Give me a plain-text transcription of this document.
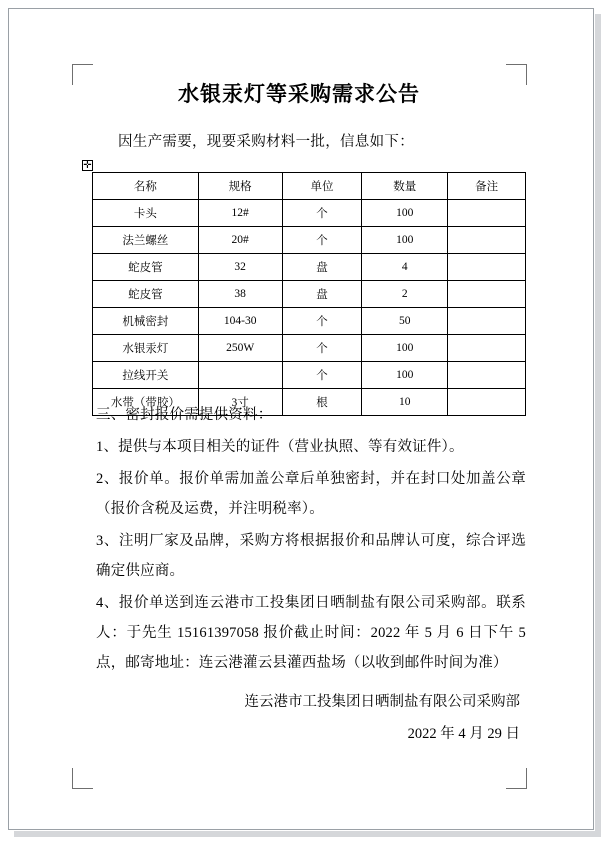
水银汞灯等采购需求公告
因生产需要，现要采购材料一批，信息如下：
✛
名称	规格	单位	数量	备注
卡头	12#	个	100	
法兰螺丝	20#	个	100	
蛇皮管	32	盘	4	
蛇皮管	38	盘	2	
机械密封	104-30	个	50	
水银汞灯	250W	个	100	
拉线开关		个	100	
水带（带胶）	3寸	根	10	

三、密封报价需提供资料：

1、提供与本项目相关的证件（营业执照、等有效证件）。

2、报价单。报价单需加盖公章后单独密封，并在封口处加盖公章（报价含税及运费，并注明税率）。

3、注明厂家及品牌，采购方将根据报价和品牌认可度，综合评选确定供应商。

4、报价单送到连云港市工投集团日晒制盐有限公司采购部。联系人：于先生 15161397058 报价截止时间：2022 年 5 月 6 日下午 5 点，邮寄地址：连云港灌云县灌西盐场（以收到邮件时间为准）

连云港市工投集团日晒制盐有限公司采购部
2022 年 4 月 29 日
